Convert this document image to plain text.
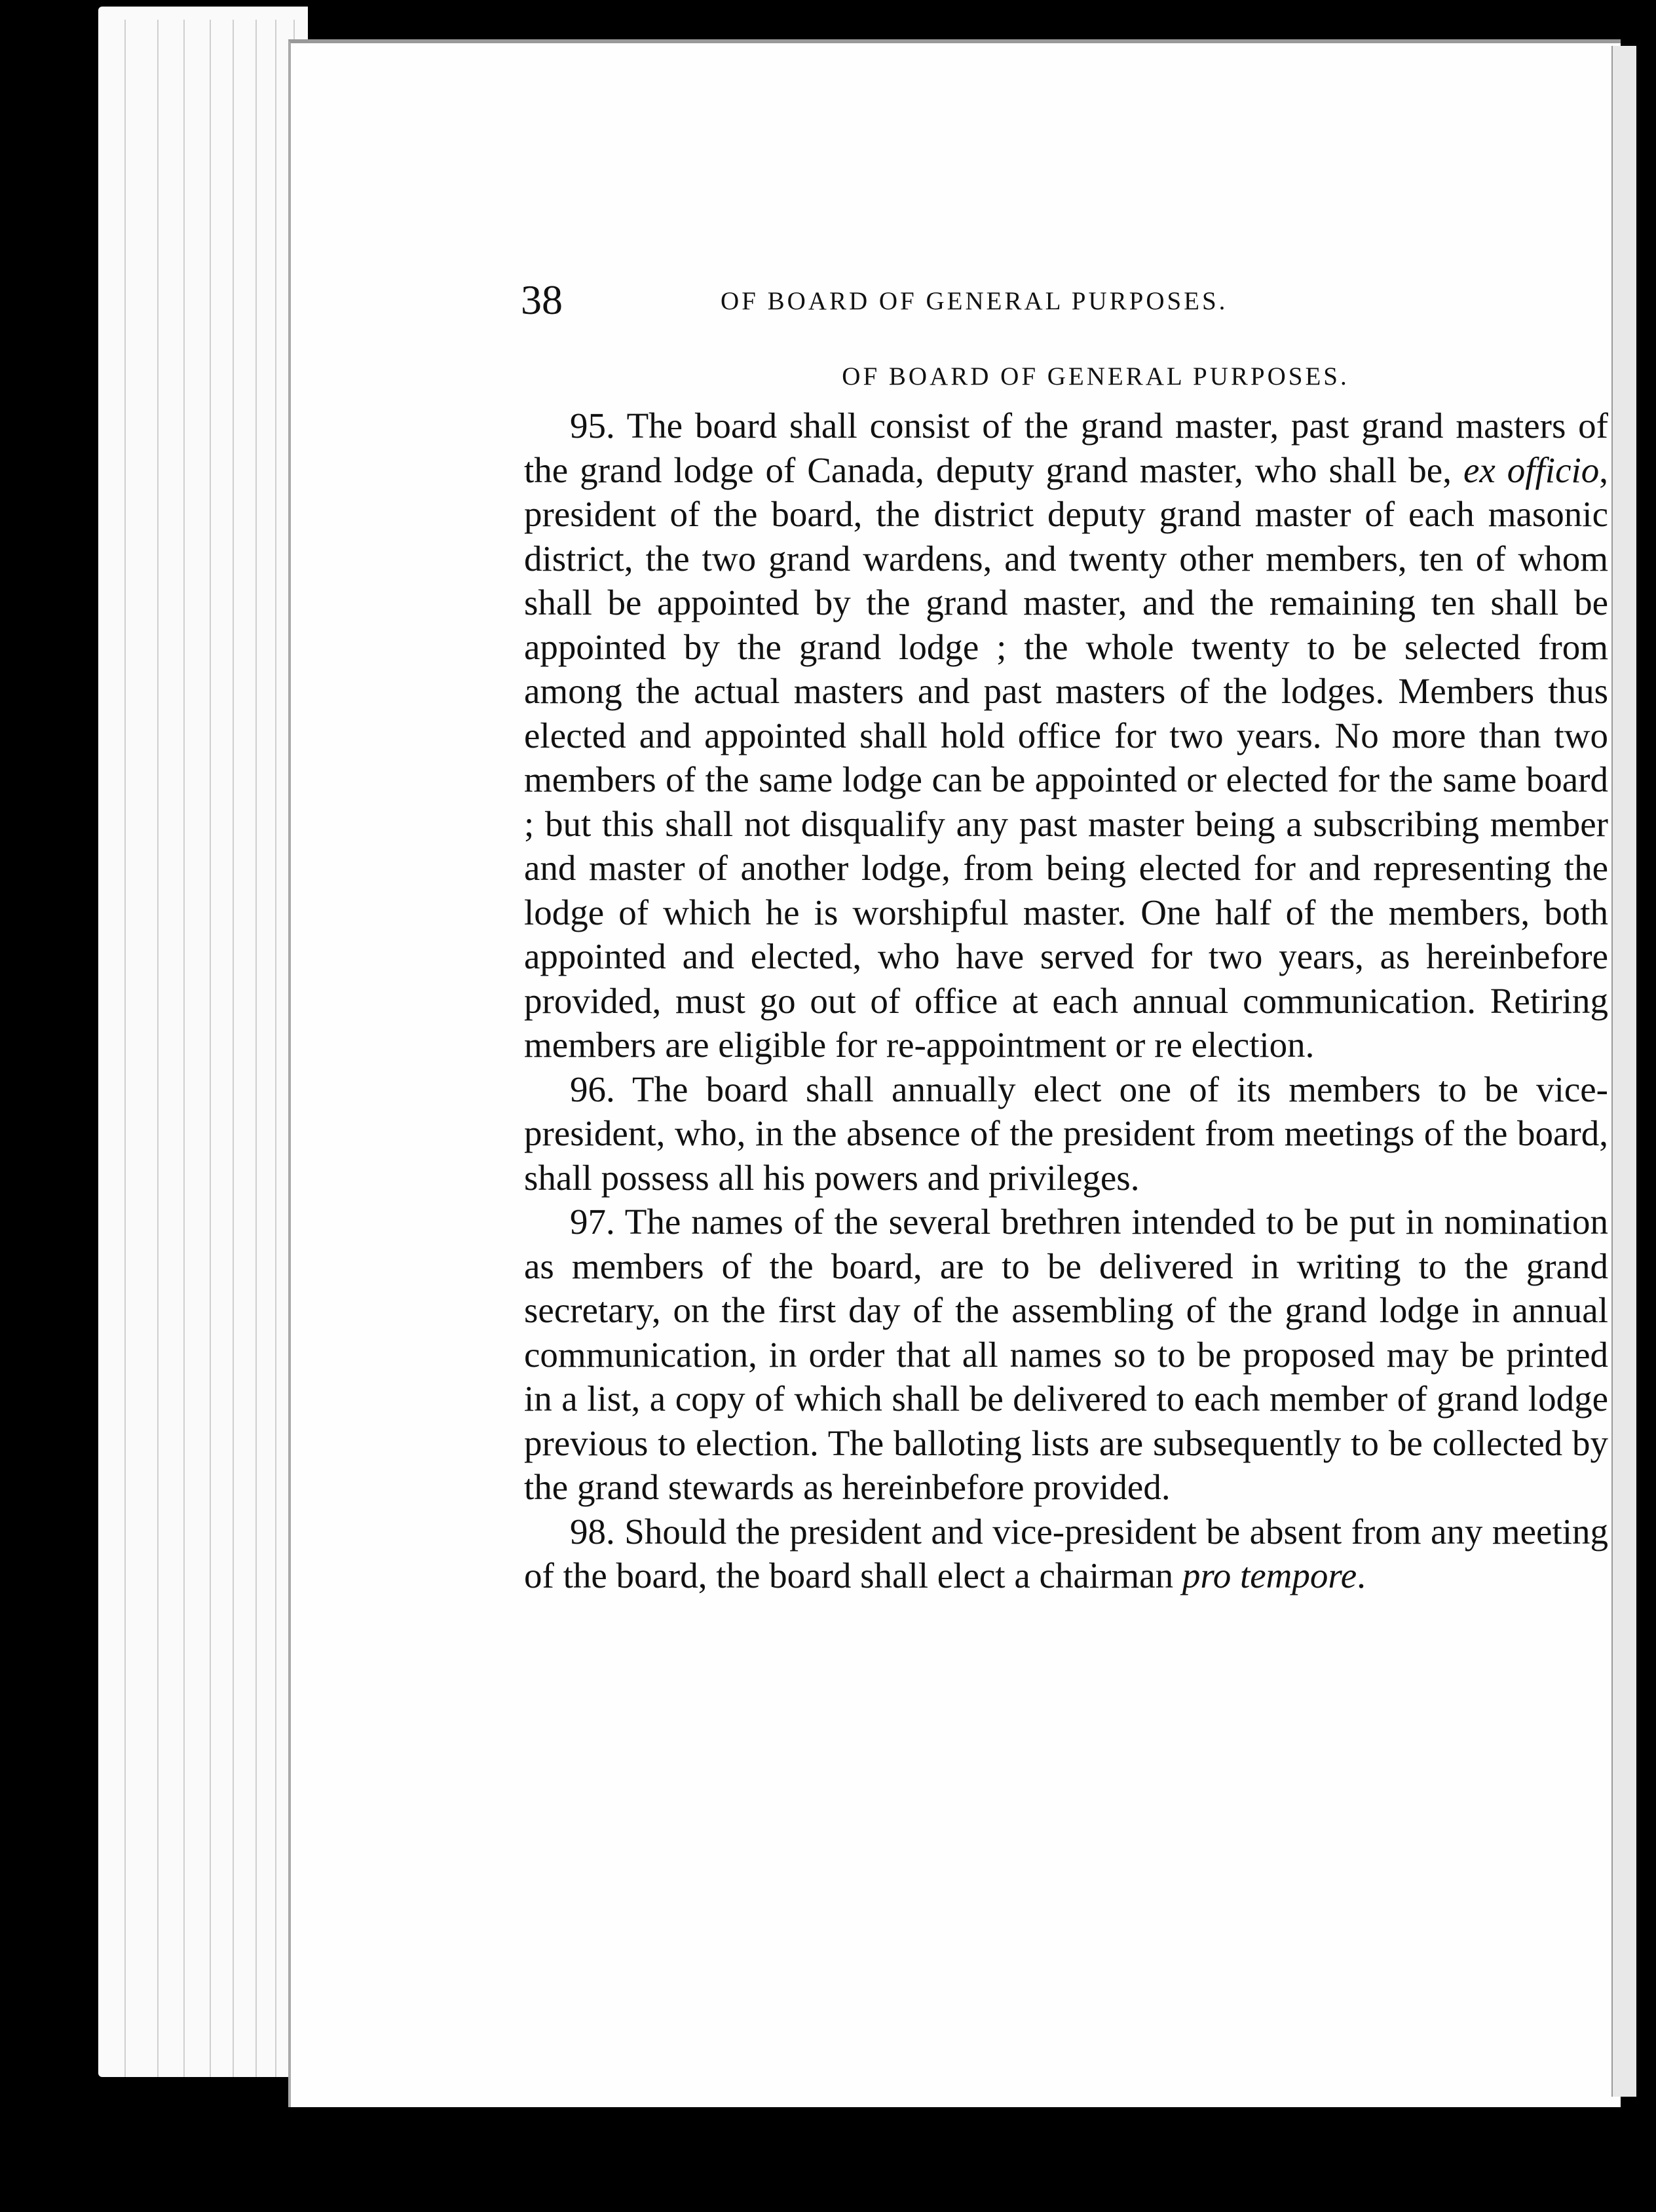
38	OF BOARD OF GENERAL PURPOSES.
OF BOARD OF GENERAL PURPOSES.

95. The board shall consist of the grand master, past grand masters of the grand lodge of Canada, deputy grand master, who shall be, ex officio, president of the board, the district deputy grand master of each masonic district, the two grand wardens, and twenty other members, ten of whom shall be appointed by the grand master, and the remaining ten shall be appointed by the grand lodge ; the whole twenty to be selected from among the actual masters and past masters of the lodges. Members thus elected and appointed shall hold office for two years. No more than two members of the same lodge can be appointed or elected for the same board ; but this shall not disqualify any past master being a subscribing member and master of another lodge, from being elected for and representing the lodge of which he is worshipful master. One half of the members, both appointed and elected, who have served for two years, as hereinbefore provided, must go out of office at each annual communication. Retiring members are eligible for re-appointment or re election.

96. The board shall annually elect one of its members to be vice-president, who, in the absence of the president from meetings of the board, shall possess all his powers and privileges.

97. The names of the several brethren intended to be put in nomination as members of the board, are to be delivered in writing to the grand secretary, on the first day of the assembling of the grand lodge in annual communication, in order that all names so to be proposed may be printed in a list, a copy of which shall be delivered to each member of grand lodge previous to election. The balloting lists are subsequently to be collected by the grand stewards as hereinbefore provided.

98. Should the president and vice-president be absent from any meeting of the board, the board shall elect a chairman pro tempore.
